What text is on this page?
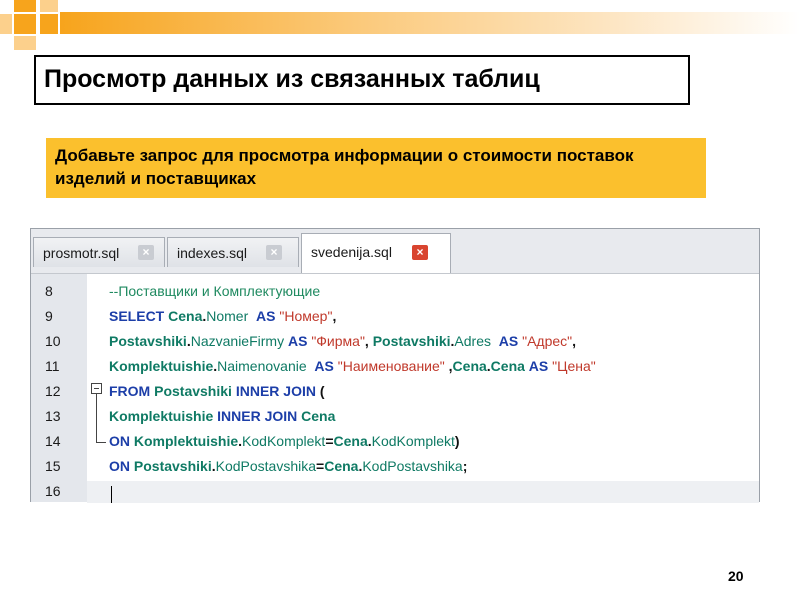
Просмотр данных из связанных таблиц
Добавьте запрос для просмотра информации о стоимости поставок изделий и поставщиках
prosmotr.sql	×	indexes.sql	×	svedenija.sql	×
8
9
10
11
12
13
14
15
16
--Поставщики и Комплектующие
SELECT Cena.Nomer AS "Номер",
Postavshiki.NazvanieFirmy AS "Фирма", Postavshiki.Adres AS "Адрес",
Komplektuishie.Naimenovanie AS "Наименование" ,Cena.Cena AS "Цена"
FROM Postavshiki INNER JOIN (
Komplektuishie INNER JOIN Cena
ON Komplektuishie.KodKomplekt=Cena.KodKomplekt)
ON Postavshiki.KodPostavshika=Cena.KodPostavshika;
20
